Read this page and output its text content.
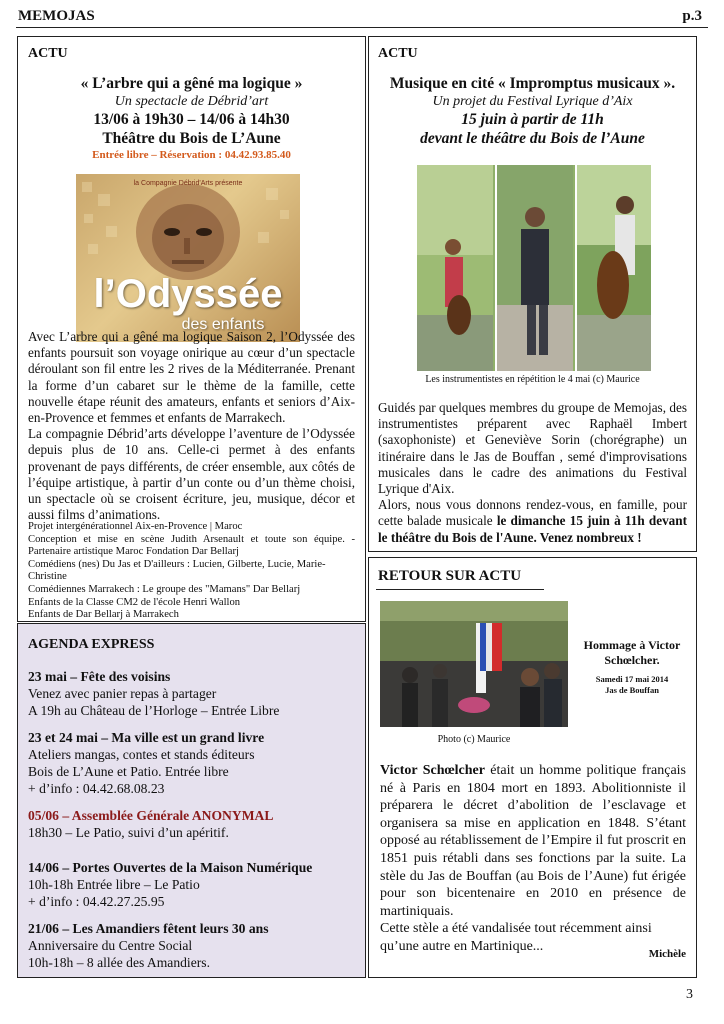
MEMOJAS	p.3
ACTU

« L’arbre qui a gêné ma logique »

Un spectacle de Débrid’art

13/06 à 19h30 – 14/06 à 14h30

Théâtre du Bois de L’Aune

Entrée libre – Réservation : 04.42.93.85.40

la Compagnie Débrid'Arts présente
l’Odyssée
des enfants

Avec L’arbre qui a gêné ma logique Saison 2, l’Odyssée des enfants poursuit son voyage onirique au cœur d’un spectacle déroulant son fil entre les 2 rives de la Méditerranée. Prenant la forme d’un cabaret sur le thème de la famille, cette nouvelle étape réunit des amateurs, enfants et seniors d’Aix-en-Provence et femmes et enfants de Marrakech.

La compagnie Débrid’arts développe l’aventure de l’Odyssée depuis plus de 10 ans. Celle-ci permet à des enfants provenant de pays différents, de créer ensemble, aux côtés de l’équipe artistique, à partir d’un conte ou d’un thème choisi, un spectacle où se croisent écriture, jeu, musique, décor et aussi films d’animations.

Projet intergénérationnel Aix-en-Provence | Maroc

Conception et mise en scène Judith Arsenault et toute son équipe. - Partenaire artistique Maroc Fondation Dar Bellarj

Comédiens (nes) Du Jas et D'ailleurs : Lucien, Gilberte, Lucie, Marie-Christine

Comédiennes Marrakech : Le groupe des "Mamans" Dar Bellarj

Enfants de la Classe CM2 de l'école Henri Wallon

Enfants de Dar Bellarj à Marrakech

ACTU

Musique en cité « Impromptus musicaux ».

Un projet du Festival Lyrique d’Aix

15 juin à partir de 11h

devant le théâtre du Bois de l’Aune

Les instrumentistes en répétition le 4 mai (c) Maurice

Guidés par quelques membres du groupe de Memojas, des instrumentistes préparent avec Raphaël Imbert (saxophoniste) et Geneviève Sorin (chorégraphe) un itinéraire dans le Jas de Bouffan , semé d'improvisations musicales dans le cadre des animations du Festival Lyrique d'Aix.

Alors, nous vous donnons rendez-vous, en famille, pour cette balade musicale le dimanche 15 juin à 11h devant le théâtre du Bois de l'Aune. Venez nombreux !

AGENDA EXPRESS

23 mai – Fête des voisins

Venez avec panier repas à partager

A 19h au Château de l’Horloge – Entrée Libre

23 et 24 mai – Ma ville est un grand livre

Ateliers mangas, contes et stands éditeurs

Bois de L’Aune et Patio. Entrée libre

+ d’info : 04.42.68.08.23

05/06 – Assemblée Générale ANONYMAL

18h30 – Le Patio, suivi d’un apéritif.

14/06 – Portes Ouvertes de la Maison Numérique

10h-18h Entrée libre – Le Patio

+ d’info : 04.42.27.25.95

21/06 – Les Amandiers fêtent leurs 30 ans

Anniversaire du Centre Social

10h-18h – 8 allée des Amandiers.

RETOUR SUR ACTU

Hommage à Victor Schœlcher.

Samedi 17 mai 2014

Jas de Bouffan

Photo (c) Maurice

Victor Schœlcher était un homme politique français né à Paris en 1804 mort en 1893. Abolitionniste il préparera le décret d’abolition de l’esclavage et organisera sa mise en application en 1848. S’étant opposé au rétablissement de l’Empire il fut proscrit en 1851 puis rétabli dans ses fonctions par la suite. La stèle du Jas de Bouffan (au Bois de l’Aune) fut érigée pour son bicentenaire en 2010 en présence de martiniquais.

Cette stèle a été vandalisée tout récemment ainsi qu’une autre en Martinique...

Michèle
3
